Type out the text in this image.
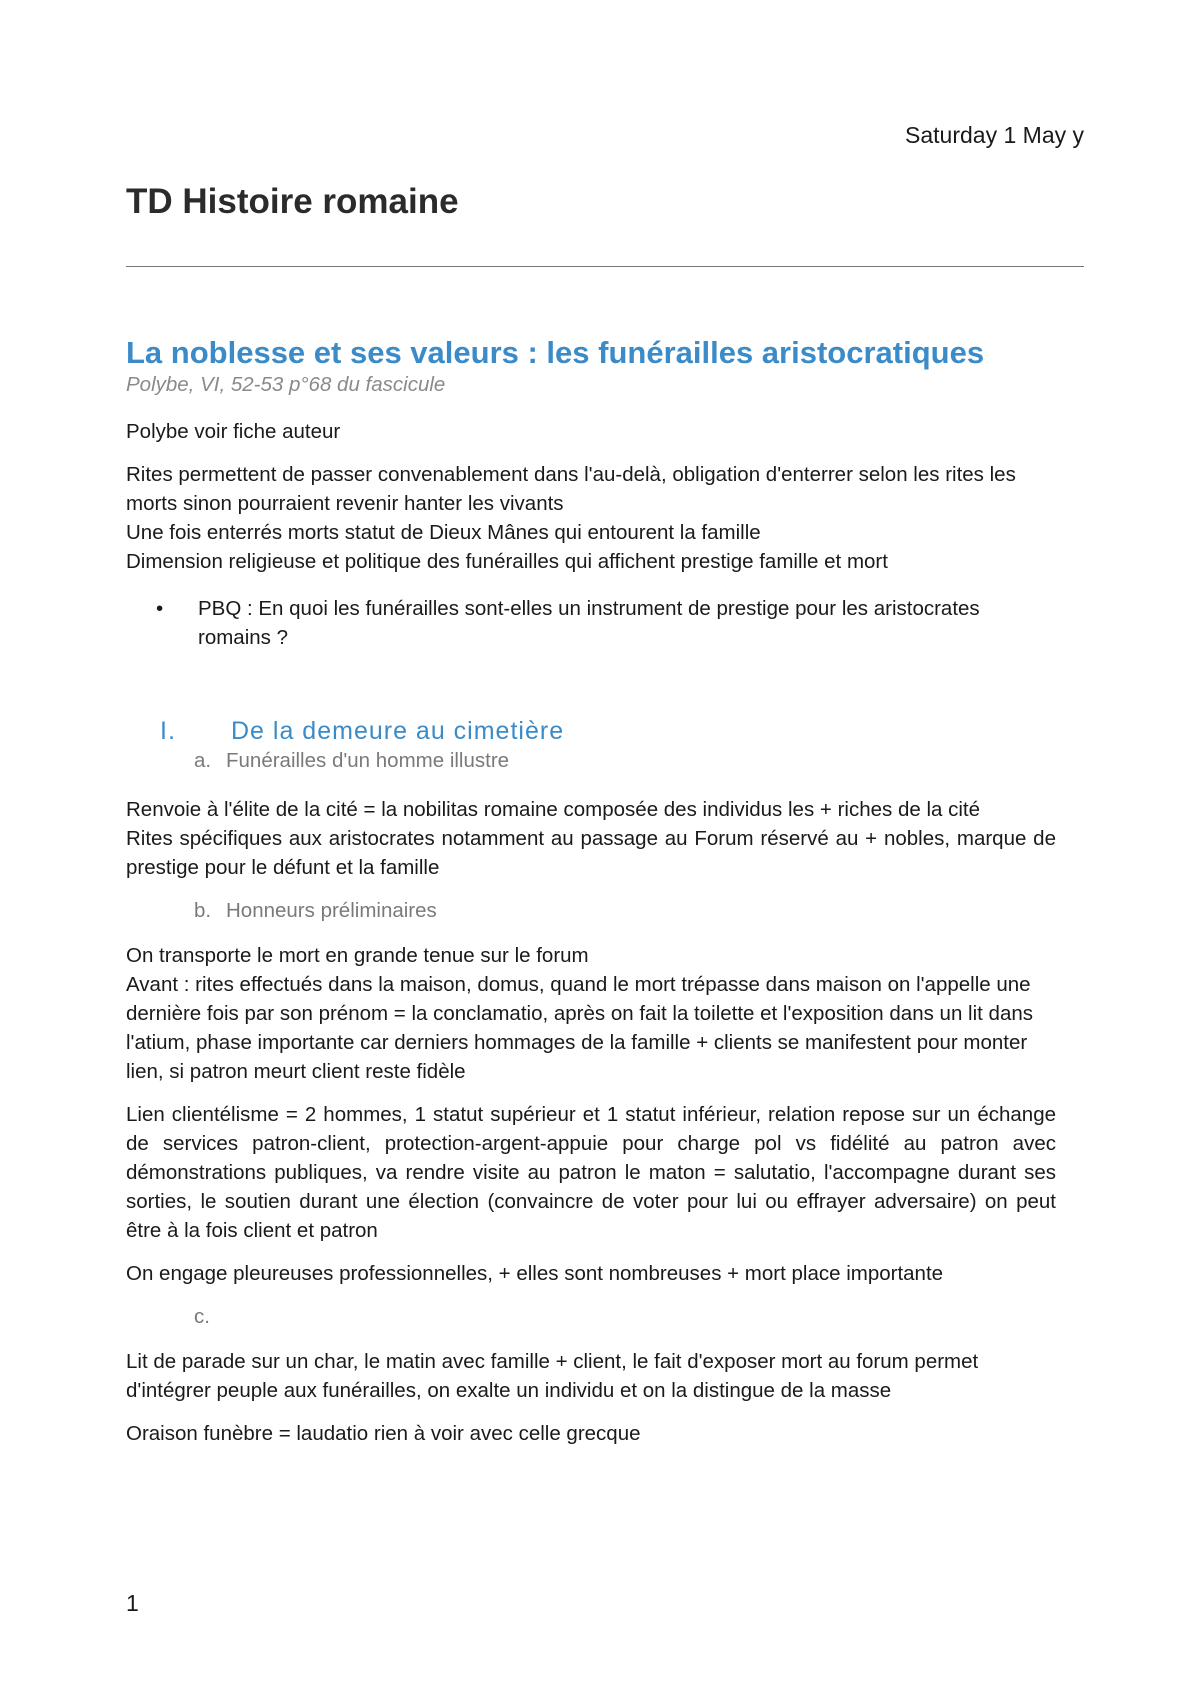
Saturday 1 May y
TD Histoire romaine
La noblesse et ses valeurs : les funérailles aristocratiques
Polybe, VI, 52-53 p°68 du fascicule
Polybe voir fiche auteur
Rites permettent de passer convenablement dans l'au-delà, obligation d'enterrer selon les rites les morts sinon pourraient revenir hanter les vivants
Une fois enterrés morts statut de Dieux Mânes qui entourent la famille
Dimension religieuse et politique des funérailles qui affichent prestige famille et mort
•	PBQ : En quoi les funérailles sont-elles un instrument de prestige pour les aristocrates romains ?
I.	De la demeure au cimetière
a. Funérailles d'un homme illustre
Renvoie à l'élite de la cité = la nobilitas romaine composée des individus les + riches de la cité
Rites spécifiques aux aristocrates notamment au passage au Forum réservé au + nobles, marque de prestige pour le défunt et la famille
b. Honneurs préliminaires
On transporte le mort en grande tenue sur le forum
Avant : rites effectués dans la maison, domus, quand le mort trépasse dans maison on l'appelle une dernière fois par son prénom = la conclamatio, après on fait la toilette et l'exposition dans un lit dans l'atium, phase importante car derniers hommages de la famille + clients se manifestent pour monter lien, si patron meurt client reste fidèle
Lien clientélisme = 2 hommes, 1 statut supérieur et 1 statut inférieur, relation repose sur un échange de services patron-client, protection-argent-appuie pour charge pol vs fidélité au patron avec démonstrations publiques, va rendre visite au patron le maton = salutatio, l'accompagne durant ses sorties, le soutien durant une élection (convaincre de voter pour lui ou effrayer adversaire) on peut être à la fois client et patron
On engage pleureuses professionnelles, + elles sont nombreuses + mort place importante
c.
Lit de parade sur un char, le matin avec famille + client, le fait d'exposer mort au forum permet d'intégrer peuple aux funérailles, on exalte un individu et on la distingue de la masse
Oraison funèbre = laudatio rien à voir avec celle grecque
1
